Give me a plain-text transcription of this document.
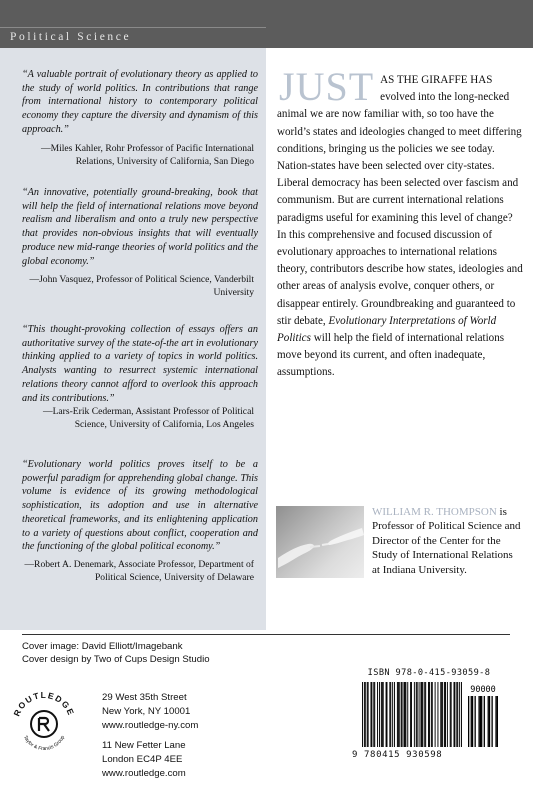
Political Science
“A valuable portrait of evolutionary theory as applied to the study of world politics. In contributions that range from international history to contemporary political economy they capture the diversity and dynamism of this approach.”
—Miles Kahler, Rohr Professor of Pacific International Relations, University of California, San Diego
“An innovative, potentially ground-breaking, book that will help the field of international relations move beyond realism and liberalism and onto a truly new perspective that provides non-obvious insights that will eventually produce new mid-range theories of world politics and the global economy.”
—John Vasquez, Professor of Political Science, Vanderbilt University
“This thought-provoking collection of essays offers an authoritative survey of the state-of-the art in evolutionary thinking applied to a variety of topics in world politics. Analysts wanting to resurrect systemic international relations theory cannot afford to overlook this approach and its contributions.”
—Lars-Erik Cederman, Assistant Professor of Political Science, University of California, Los Angeles
“Evolutionary world politics proves itself to be a powerful paradigm for apprehending global change. This volume is evidence of its growing methodological sophistication, its adoption and use in alternative theoretical frameworks, and its enlightening application to a variety of questions about conflict, cooperation and the functioning of the global political economy.”
—Robert A. Denemark, Associate Professor, Department of Political Science, University of Delaware
JUST AS THE GIRAFFE HAS evolved into the long-necked animal we are now familiar with, so too have the world’s states and ideologies changed to meet differing conditions, bringing us the policies we see today. Nation-states have been selected over city-states. Liberal democracy has been selected over fascism and communism. But are current international relations paradigms useful for examining this level of change? In this comprehensive and focused discussion of evolutionary approaches to international relations theory, contributors describe how states, ideologies and other areas of analysis evolve, conquer others, or disappear entirely. Groundbreaking and guaranteed to stir debate, Evolutionary Interpretations of World Politics will help the field of international relations move beyond its current, and often inadequate, assumptions.

WILLIAM R. THOMPSON is Professor of Political Science and Director of the Center for the Study of International Relations at Indiana University.
Cover image: David Elliott/Imagebank
Cover design by Two of Cups Design Studio
ROUTLEDGE
Taylor & Francis Group
29 West 35th Street
New York, NY 10001
www.routledge-ny.com
11 New Fetter Lane
London EC4P 4EE
www.routledge.com
ISBN 978-0-415-93059-8
90000
9 780415 930598
